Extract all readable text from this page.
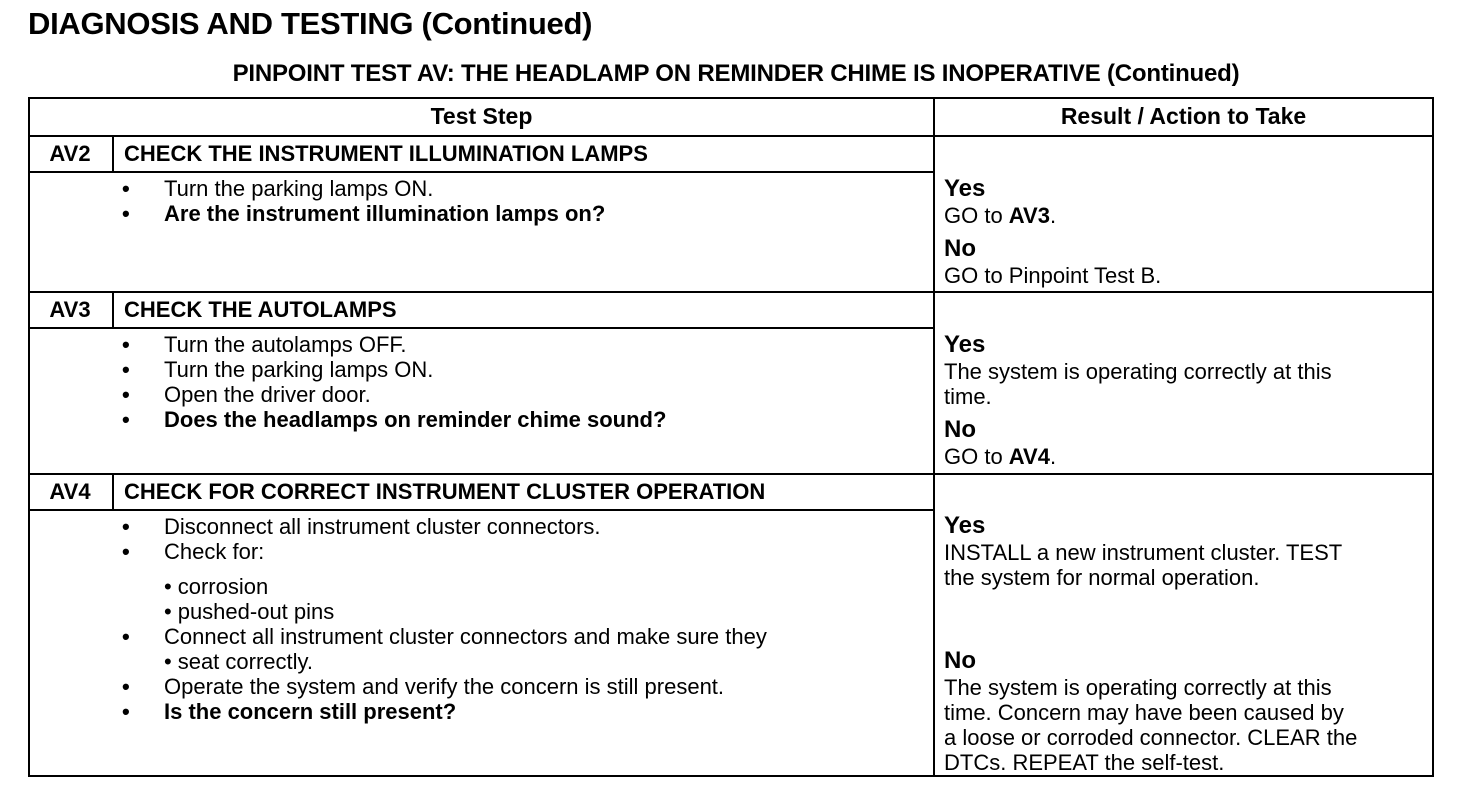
DIAGNOSIS AND TESTING (Continued)
PINPOINT TEST AV: THE HEADLAMP ON REMINDER CHIME IS INOPERATIVE (Continued)
Test Step	Result / Action to Take
AV2	CHECK THE INSTRUMENT ILLUMINATION LAMPS
• Turn the parking lamps ON.
• Are the instrument illumination lamps on?
Yes
GO to AV3.
No
GO to Pinpoint Test B.
AV3	CHECK THE AUTOLAMPS
• Turn the autolamps OFF.
• Turn the parking lamps ON.
• Open the driver door.
• Does the headlamps on reminder chime sound?
Yes
The system is operating correctly at this
time.
No
GO to AV4.
AV4	CHECK FOR CORRECT INSTRUMENT CLUSTER OPERATION
• Disconnect all instrument cluster connectors.
• Check for:
• corrosion
• pushed-out pins
• Connect all instrument cluster connectors and make sure they
• seat correctly.
• Operate the system and verify the concern is still present.
• Is the concern still present?
Yes
INSTALL a new instrument cluster. TEST
the system for normal operation.
No
The system is operating correctly at this
time. Concern may have been caused by
a loose or corroded connector. CLEAR the
DTCs. REPEAT the self-test.
